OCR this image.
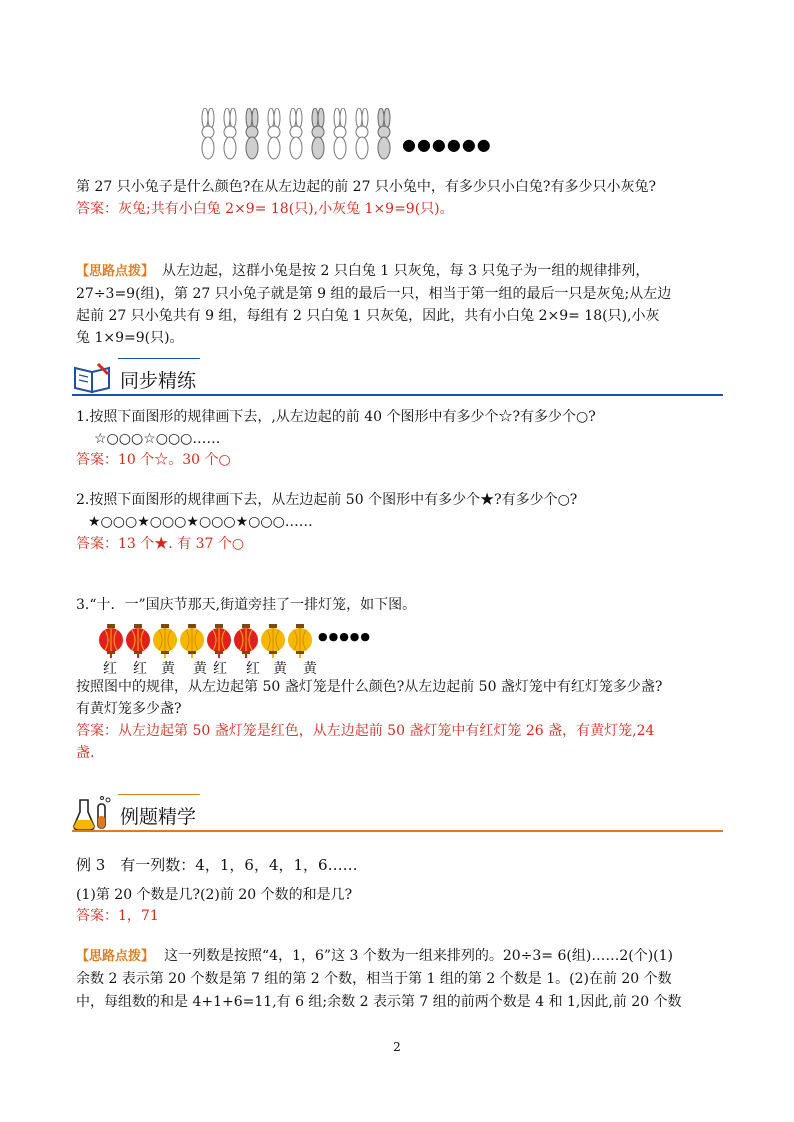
●●●●●●
第 27 只小兔子是什么颜色?在从左边起的前 27 只小兔中，有多少只小白兔?有多少只小灰兔?
答案：灰兔;共有小白兔 2×9= 18(只),小灰兔 1×9=9(只)。
【思路点拨】 从左边起，这群小兔是按 2 只白兔 1 只灰兔，每 3 只兔子为一组的规律排列，
27÷3=9(组)，第 27 只小兔子就是第 9 组的最后一只，相当于第一组的最后一只是灰兔;从左边
起前 27 只小兔共有 9 组，每组有 2 只白兔 1 只灰兔，因此，共有小白兔 2×9= 18(只),小灰
兔 1×9=9(只)。
同步精练
1.按照下面图形的规律画下去，,从左边起的前 40 个图形中有多少个☆?有多少个○?
☆○○○☆○○○……
答案：10 个☆。30 个○
2.按照下面图形的规律画下去，从左边起前 50 个图形中有多少个★?有多少个○?
★○○○★○○○★○○○★○○○……
答案：13 个★. 有 37 个○
3.“十．一”国庆节那天,街道旁挂了一排灯笼，如下图。
●●●●●
红 红 黄 黄 红 红 黄 黄
按照图中的规律，从左边起第 50 盏灯笼是什么颜色?从左边起前 50 盏灯笼中有红灯笼多少盏?
有黄灯笼多少盏?
答案：从左边起第 50 盏灯笼是红色，从左边起前 50 盏灯笼中有红灯笼 26 盏，有黄灯笼,24
盏.
例题精学
例 3　有一列数：4，1，6，4，1，6……
(1)第 20 个数是几?(2)前 20 个数的和是几?
答案：1，71
【思路点拨】 这一列数是按照“4，1，6”这 3 个数为一组来排列的。20÷3= 6(组)……2(个)(1)
余数 2 表示第 20 个数是第 7 组的第 2 个数，相当于第 1 组的第 2 个数是 1。(2)在前 20 个数
中，每组数的和是 4+1+6=11,有 6 组;余数 2 表示第 7 组的前两个数是 4 和 1,因此,前 20 个数
2
